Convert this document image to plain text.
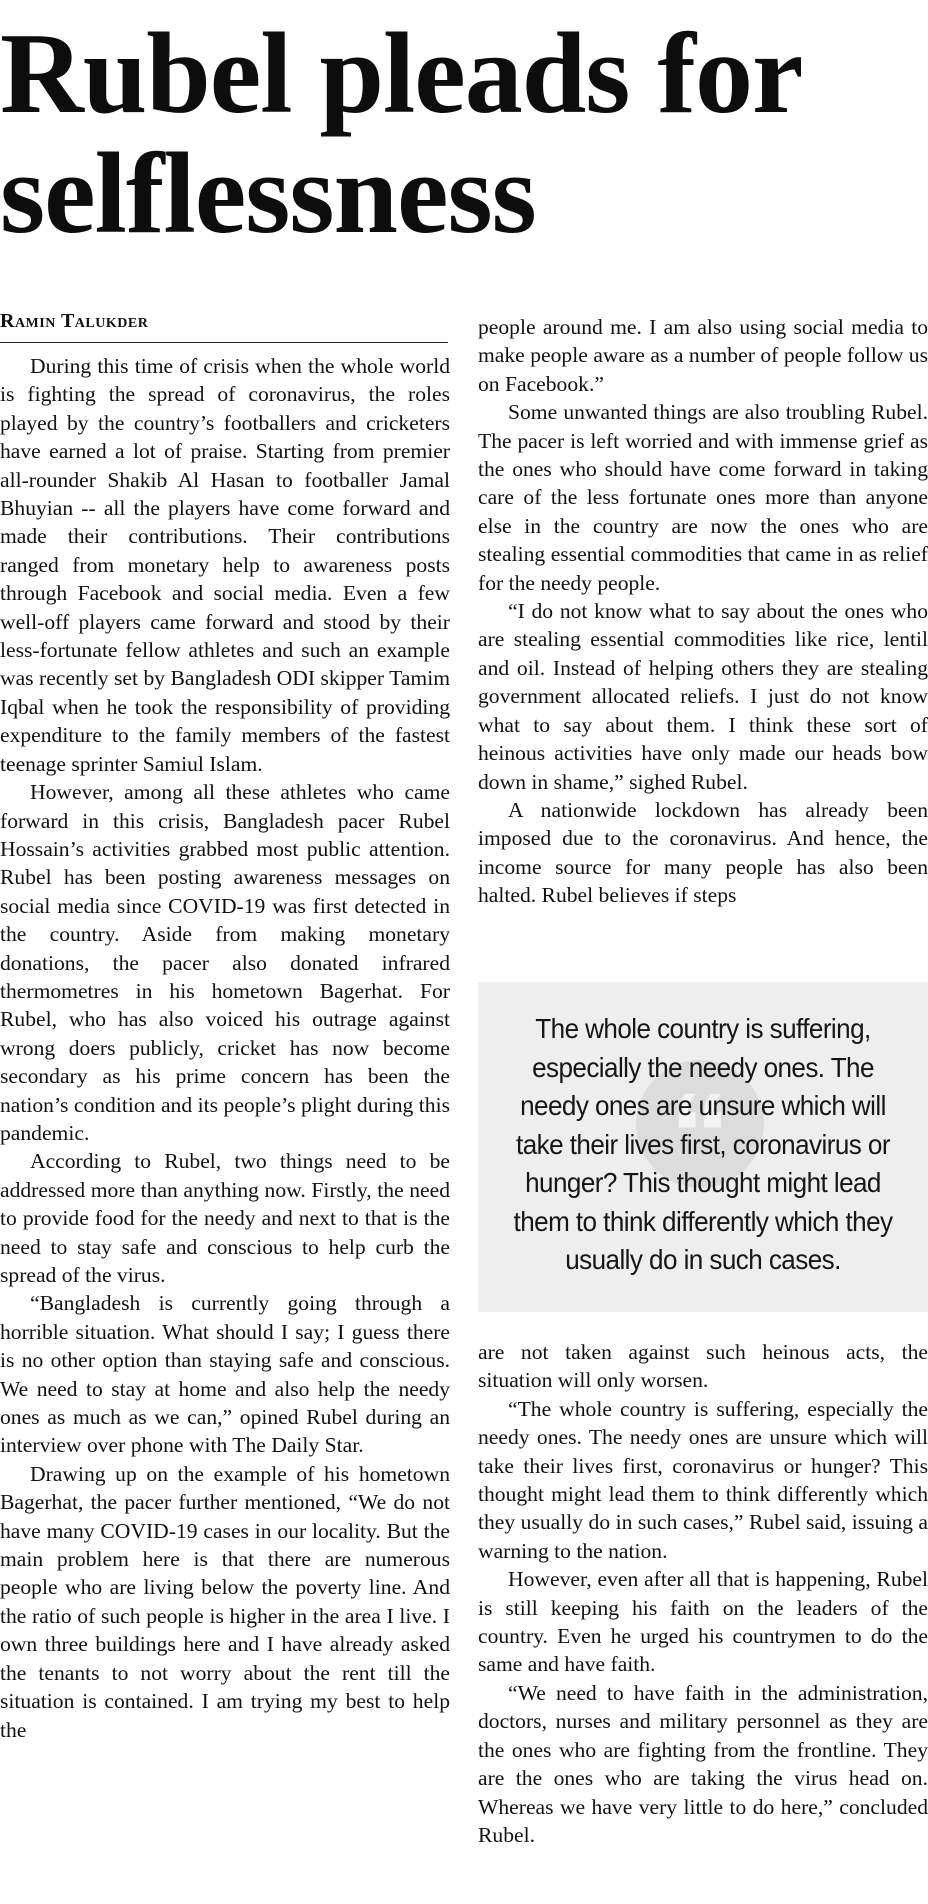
Rubel pleads for
selflessness
Ramin Talukder

During this time of crisis when the whole world is fighting the spread of coronavirus, the roles played by the country’s footballers and cricketers have earned a lot of praise. Starting from premier all-rounder Shakib Al Hasan to footballer Jamal Bhuyian -- all the players have come forward and made their contributions. Their contributions ranged from monetary help to awareness posts through Facebook and social media. Even a few well-off players came forward and stood by their less-fortunate fellow athletes and such an example was recently set by Bangladesh ODI skipper Tamim Iqbal when he took the responsibility of providing expenditure to the family members of the fastest teenage sprinter Samiul Islam.

However, among all these athletes who came forward in this crisis, Bangladesh pacer Rubel Hossain’s activities grabbed most public attention. Rubel has been posting awareness messages on social media since COVID-19 was first detected in the country. Aside from making monetary donations, the pacer also donated infrared thermometres in his hometown Bagerhat. For Rubel, who has also voiced his outrage against wrong doers publicly, cricket has now become secondary as his prime concern has been the nation’s condition and its people’s plight during this pandemic.

According to Rubel, two things need to be addressed more than anything now. Firstly, the need to provide food for the needy and next to that is the need to stay safe and conscious to help curb the spread of the virus.

“Bangladesh is currently going through a horrible situation. What should I say; I guess there is no other option than staying safe and conscious. We need to stay at home and also help the needy ones as much as we can,” opined Rubel during an interview over phone with The Daily Star.

Drawing up on the example of his hometown Bagerhat, the pacer further mentioned, “We do not have many COVID-19 cases in our locality. But the main problem here is that there are numerous people who are living below the poverty line. And the ratio of such people is higher in the area I live. I own three buildings here and I have already asked the tenants to not worry about the rent till the situation is contained. I am trying my best to help the

people around me. I am also using social media to make people aware as a number of people follow us on Facebook.”

Some unwanted things are also troubling Rubel. The pacer is left worried and with immense grief as the ones who should have come forward in taking care of the less fortunate ones more than anyone else in the country are now the ones who are stealing essential commodities that came in as relief for the needy people.

“I do not know what to say about the ones who are stealing essential commodities like rice, lentil and oil. Instead of helping others they are stealing government allocated reliefs. I just do not know what to say about them. I think these sort of heinous activities have only made our heads bow down in shame,” sighed Rubel.

A nationwide lockdown has already been imposed due to the coronavirus. And hence, the income source for many people has also been halted. Rubel believes if steps

“
The whole country is suffering, especially the needy ones. The needy ones are unsure which will take their lives first, coronavirus or hunger? This thought might lead them to think differently which they usually do in such cases.

are not taken against such heinous acts, the situation will only worsen.

“The whole country is suffering, especially the needy ones. The needy ones are unsure which will take their lives first, coronavirus or hunger? This thought might lead them to think differently which they usually do in such cases,” Rubel said, issuing a warning to the nation.

However, even after all that is happening, Rubel is still keeping his faith on the leaders of the country. Even he urged his countrymen to do the same and have faith.

“We need to have faith in the administration, doctors, nurses and military personnel as they are the ones who are fighting from the frontline. They are the ones who are taking the virus head on. Whereas we have very little to do here,” concluded Rubel.
